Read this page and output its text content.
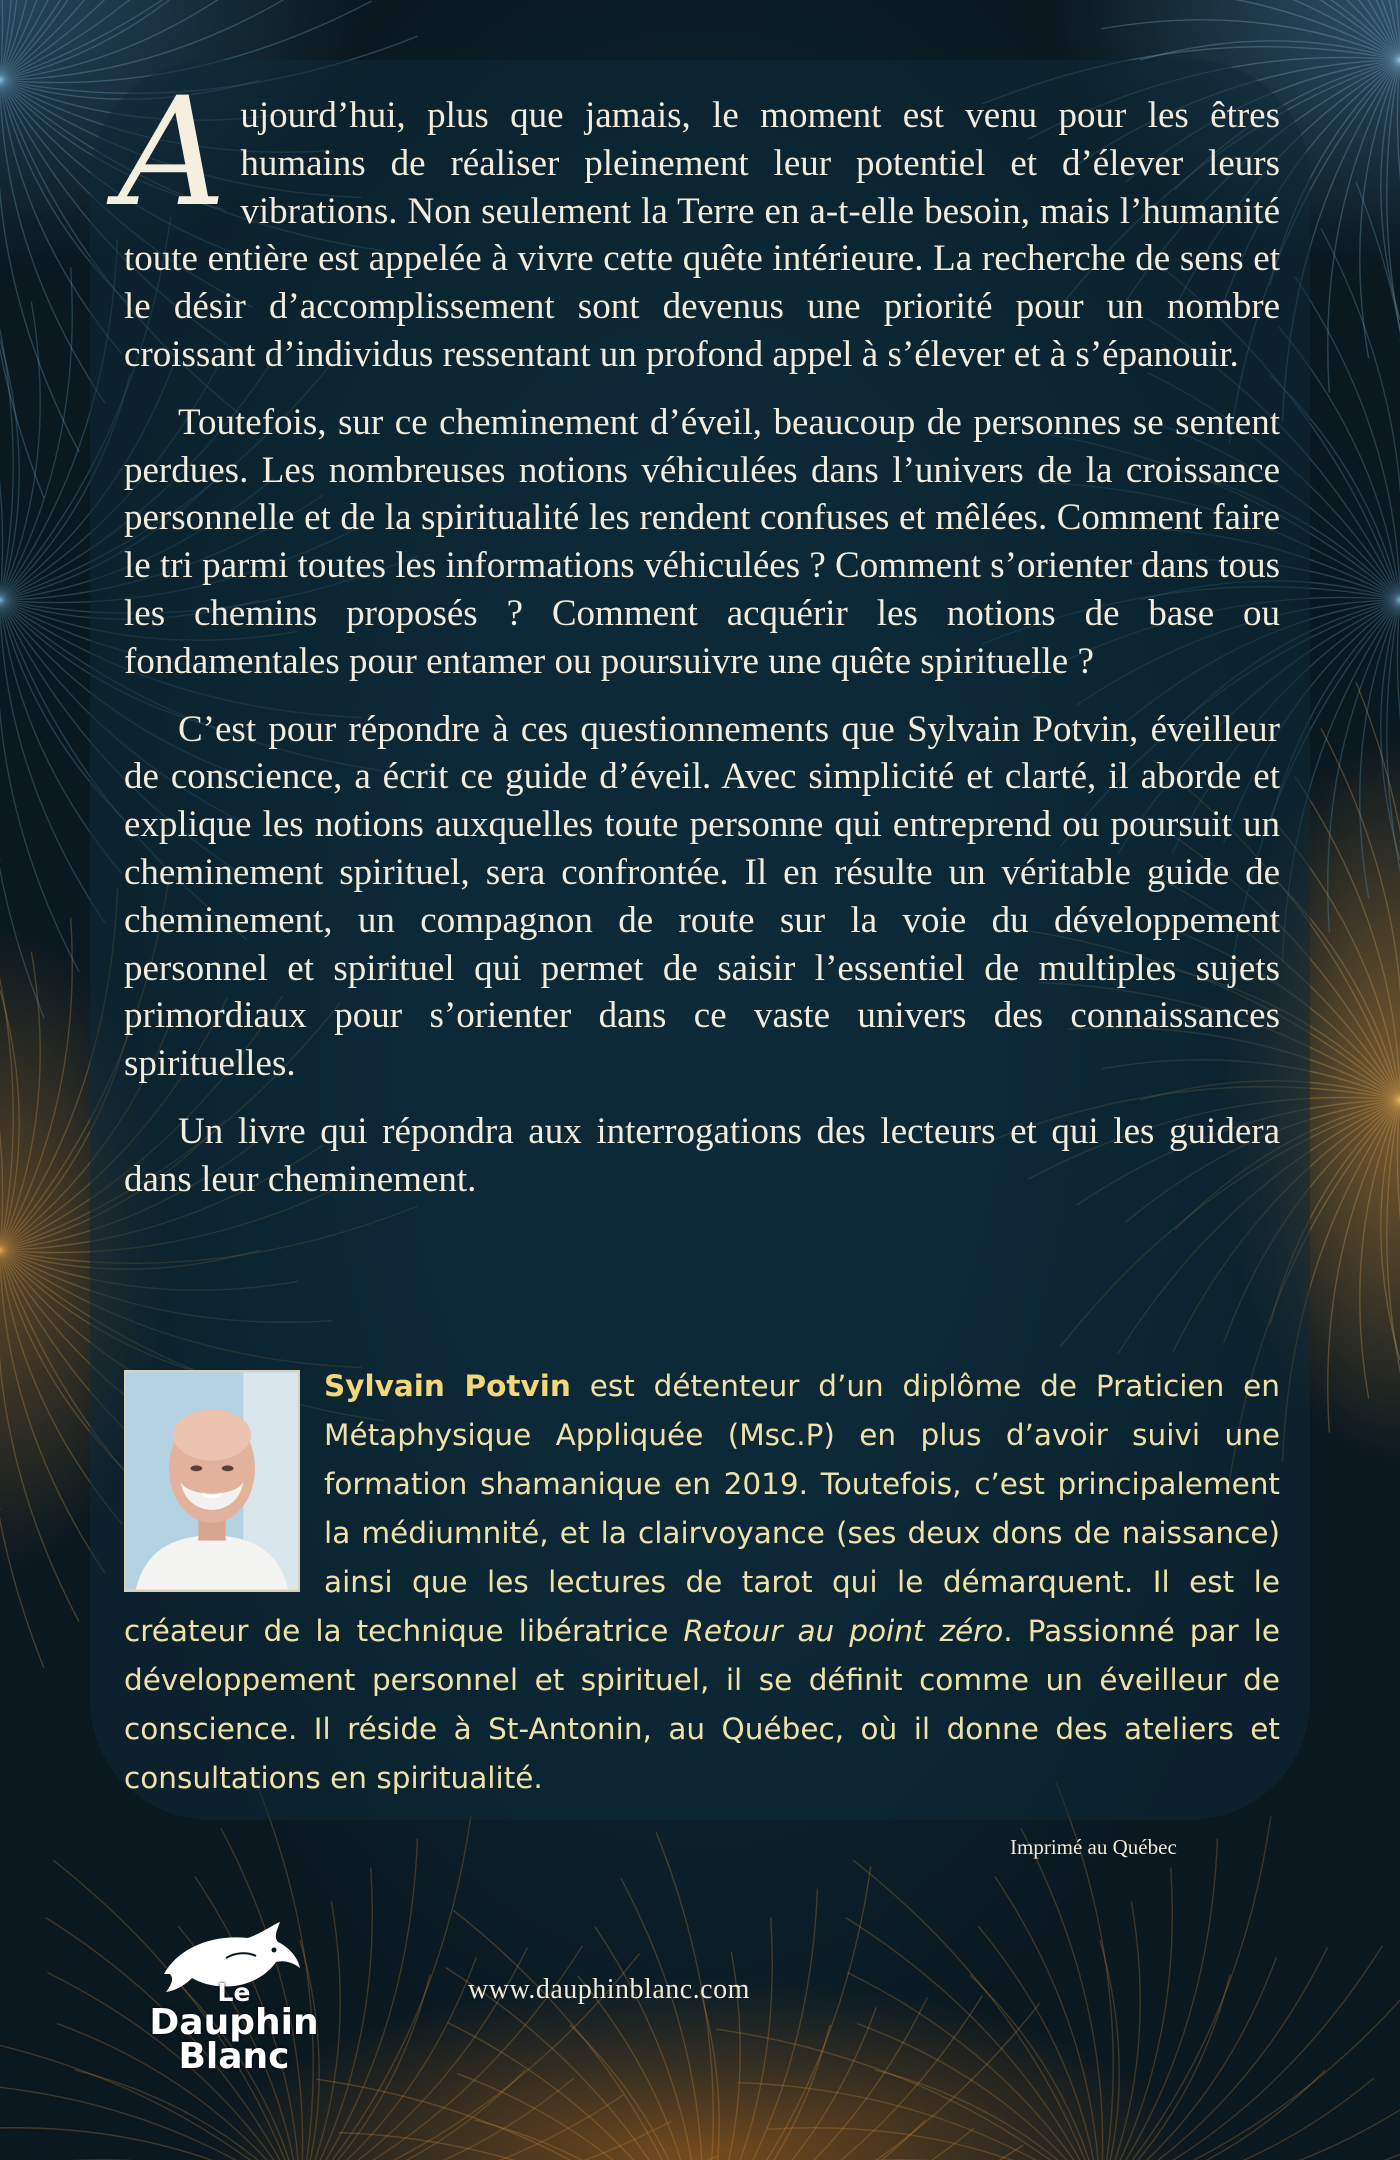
Aujourd’hui, plus que jamais, le moment est venu pour les êtres humains de réaliser pleinement leur potentiel et d’élever leurs vibrations. Non seulement la Terre en a-t-elle besoin, mais l’humanité toute entière est appelée à vivre cette quête intérieure. La recherche de sens et le désir d’accomplissement sont devenus une priorité pour un nombre croissant d’individus ressentant un profond appel à s’élever et à s’épanouir.

Toutefois, sur ce cheminement d’éveil, beaucoup de personnes se sentent perdues. Les nombreuses notions véhiculées dans l’univers de la croissance personnelle et de la spiritualité les rendent confuses et mêlées. Comment faire le tri parmi toutes les informations véhiculées ? Comment s’orienter dans tous les chemins proposés ? Comment acquérir les notions de base ou fondamentales pour entamer ou poursuivre une quête spirituelle ?

C’est pour répondre à ces questionnements que Sylvain Potvin, éveilleur de conscience, a écrit ce guide d’éveil. Avec simplicité et clarté, il aborde et explique les notions auxquelles toute personne qui entreprend ou poursuit un cheminement spirituel, sera confrontée. Il en résulte un véritable guide de cheminement, un compagnon de route sur la voie du développement personnel et spirituel qui permet de saisir l’essentiel de multiples sujets primordiaux pour s’orienter dans ce vaste univers des connaissances spirituelles.

Un livre qui répondra aux interrogations des lecteurs et qui les guidera dans leur cheminement.

Sylvain Potvin est détenteur d’un diplôme de Praticien en Métaphysique Appliquée (Msc.P) en plus d’avoir suivi une formation shamanique en 2019. Toutefois, c’est principalement la médiumnité, et la clairvoyance (ses deux dons de naissance) ainsi que les lectures de tarot qui le démarquent. Il est le créateur de la technique libératrice Retour au point zéro. Passionné par le développement personnel et spirituel, il se définit comme un éveilleur de conscience. Il réside à St-Antonin, au Québec, où il donne des ateliers et consultations en spiritualité.
Imprimé au Québec
Le
Dauphin
Blanc
www.dauphinblanc.com
